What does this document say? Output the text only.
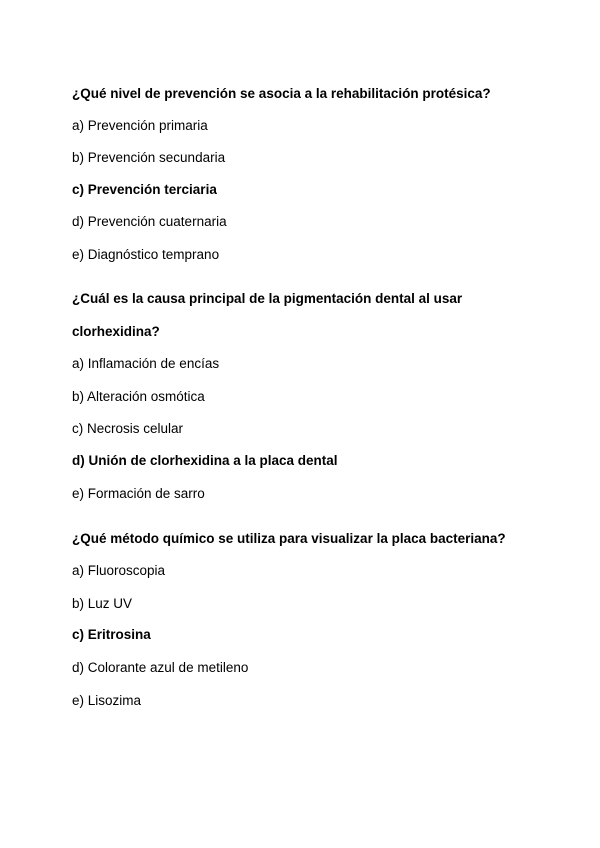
¿Qué nivel de prevención se asocia a la rehabilitación protésica?
a) Prevención primaria
b) Prevención secundaria
c) Prevención terciaria
d) Prevención cuaternaria
e) Diagnóstico temprano
¿Cuál es la causa principal de la pigmentación dental al usar
clorhexidina?
a) Inflamación de encías
b) Alteración osmótica
c) Necrosis celular
d) Unión de clorhexidina a la placa dental
e) Formación de sarro
¿Qué método químico se utiliza para visualizar la placa bacteriana?
a) Fluoroscopia
b) Luz UV
c) Eritrosina
d) Colorante azul de metileno
e) Lisozima
